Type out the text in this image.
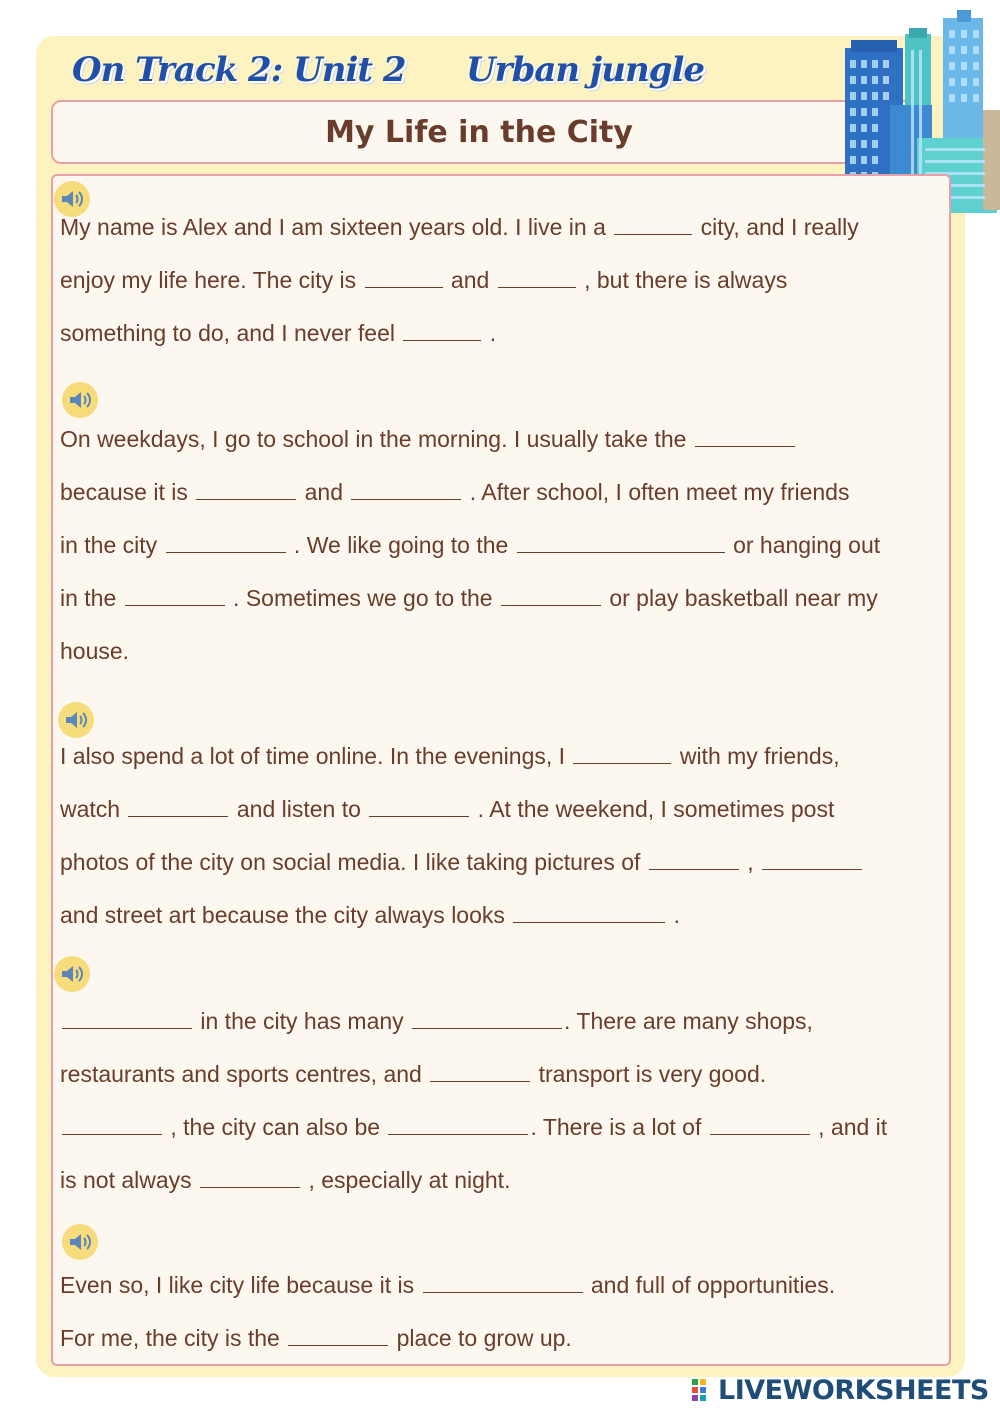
On Track 2: Unit 2 Urban jungle
My Life in the City
My name is Alex and I am sixteen years old. I live in a	city, and I really
enjoy my life here. The city is	and	, but there is always
something to do, and I never feel	.
On weekdays, I go to school in the morning. I usually take the
because it is	and	. After school, I often meet my friends
in the city	. We like going to the	or hanging out
in the	. Sometimes we go to the	or play basketball near my
house.
I also spend a lot of time online. In the evenings, I	with my friends,
watch	and listen to	. At the weekend, I sometimes post
photos of the city on social media. I like taking pictures of	,
and street art because the city always looks	.
in the city has many	. There are many shops,
restaurants and sports centres, and	transport is very good.
, the city can also be	. There is a lot of	, and it
is not always	, especially at night.
Even so, I like city life because it is	and full of opportunities.
For me, the city is the	place to grow up.
LIVEWORKSHEETS
